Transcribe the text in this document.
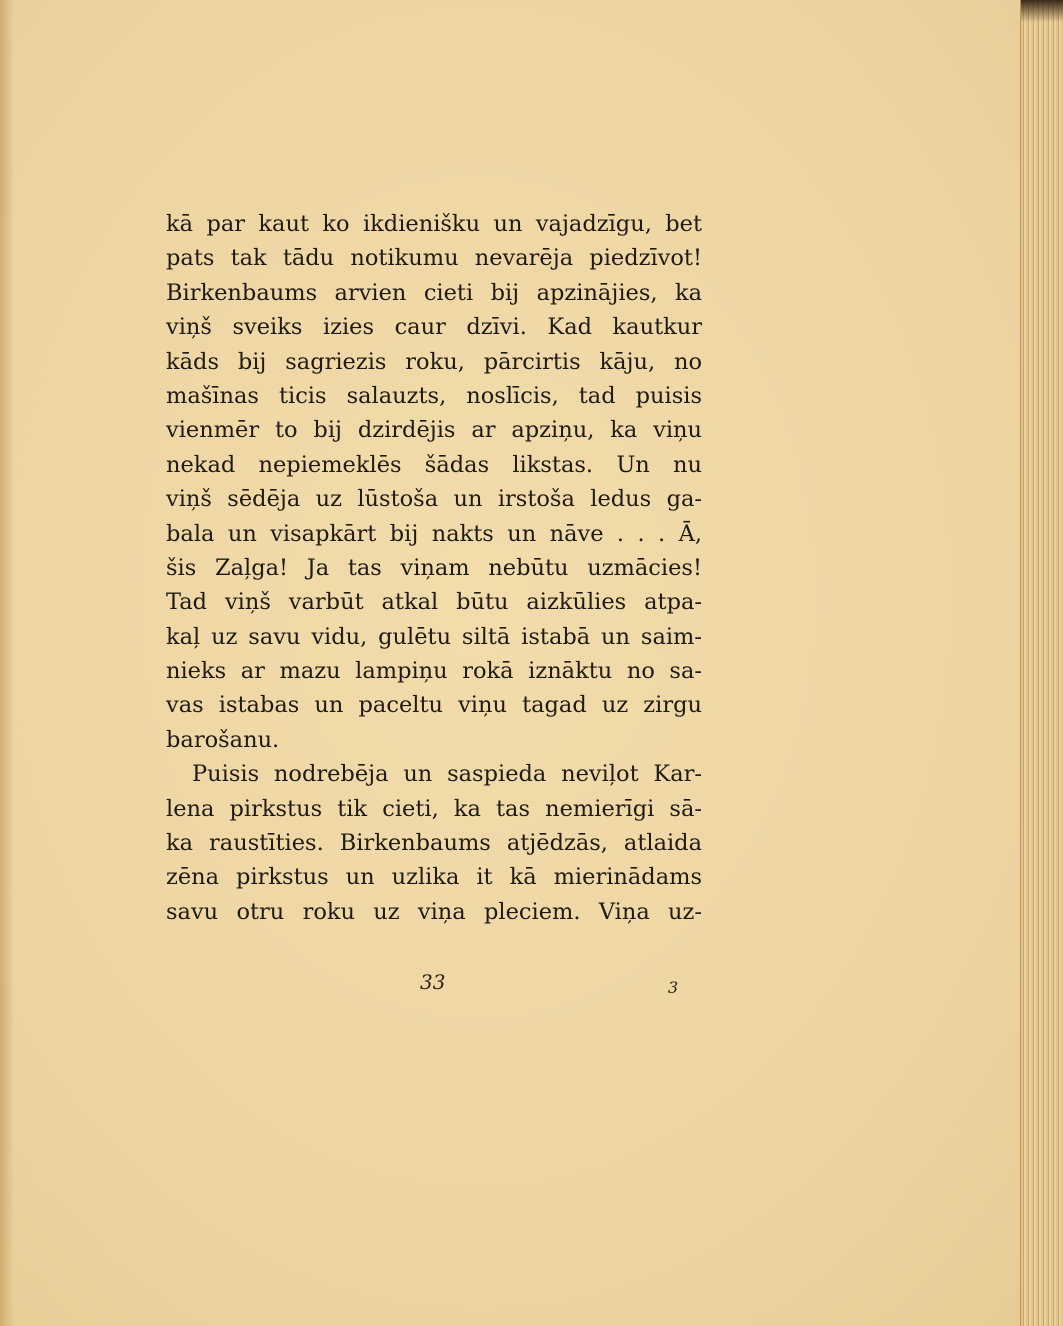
kā par kaut ko ikdienišku un vajadzīgu, bet
pats tak tādu notikumu nevarēja piedzīvot!
Birkenbaums arvien cieti bij apzinājies, ka
viņš sveiks izies caur dzīvi. Kad kautkur
kāds bij sagriezis roku, pārcirtis kāju, no
mašīnas ticis salauzts, noslīcis, tad puisis
vienmēr to bij dzirdējis ar apziņu, ka viņu
nekad nepiemeklēs šādas likstas. Un nu
viņš sēdēja uz lūstoša un irstoša ledus ga-
bala un visapkārt bij nakts un nāve . . . Ā,
šis Zaļga! Ja tas viņam nebūtu uzmācies!
Tad viņš varbūt atkal būtu aizkūlies atpa-
kaļ uz savu vidu, gulētu siltā istabā un saim-
nieks ar mazu lampiņu rokā iznāktu no sa-
vas istabas un paceltu viņu tagad uz zirgu
barošanu.
Puisis nodrebēja un saspieda neviļot Kar-
lena pirkstus tik cieti, ka tas nemierīgi sā-
ka raustīties. Birkenbaums atjēdzās, atlaida
zēna pirkstus un uzlika it kā mierinādams
savu otru roku uz viņa pleciem. Viņa uz-
33	3
